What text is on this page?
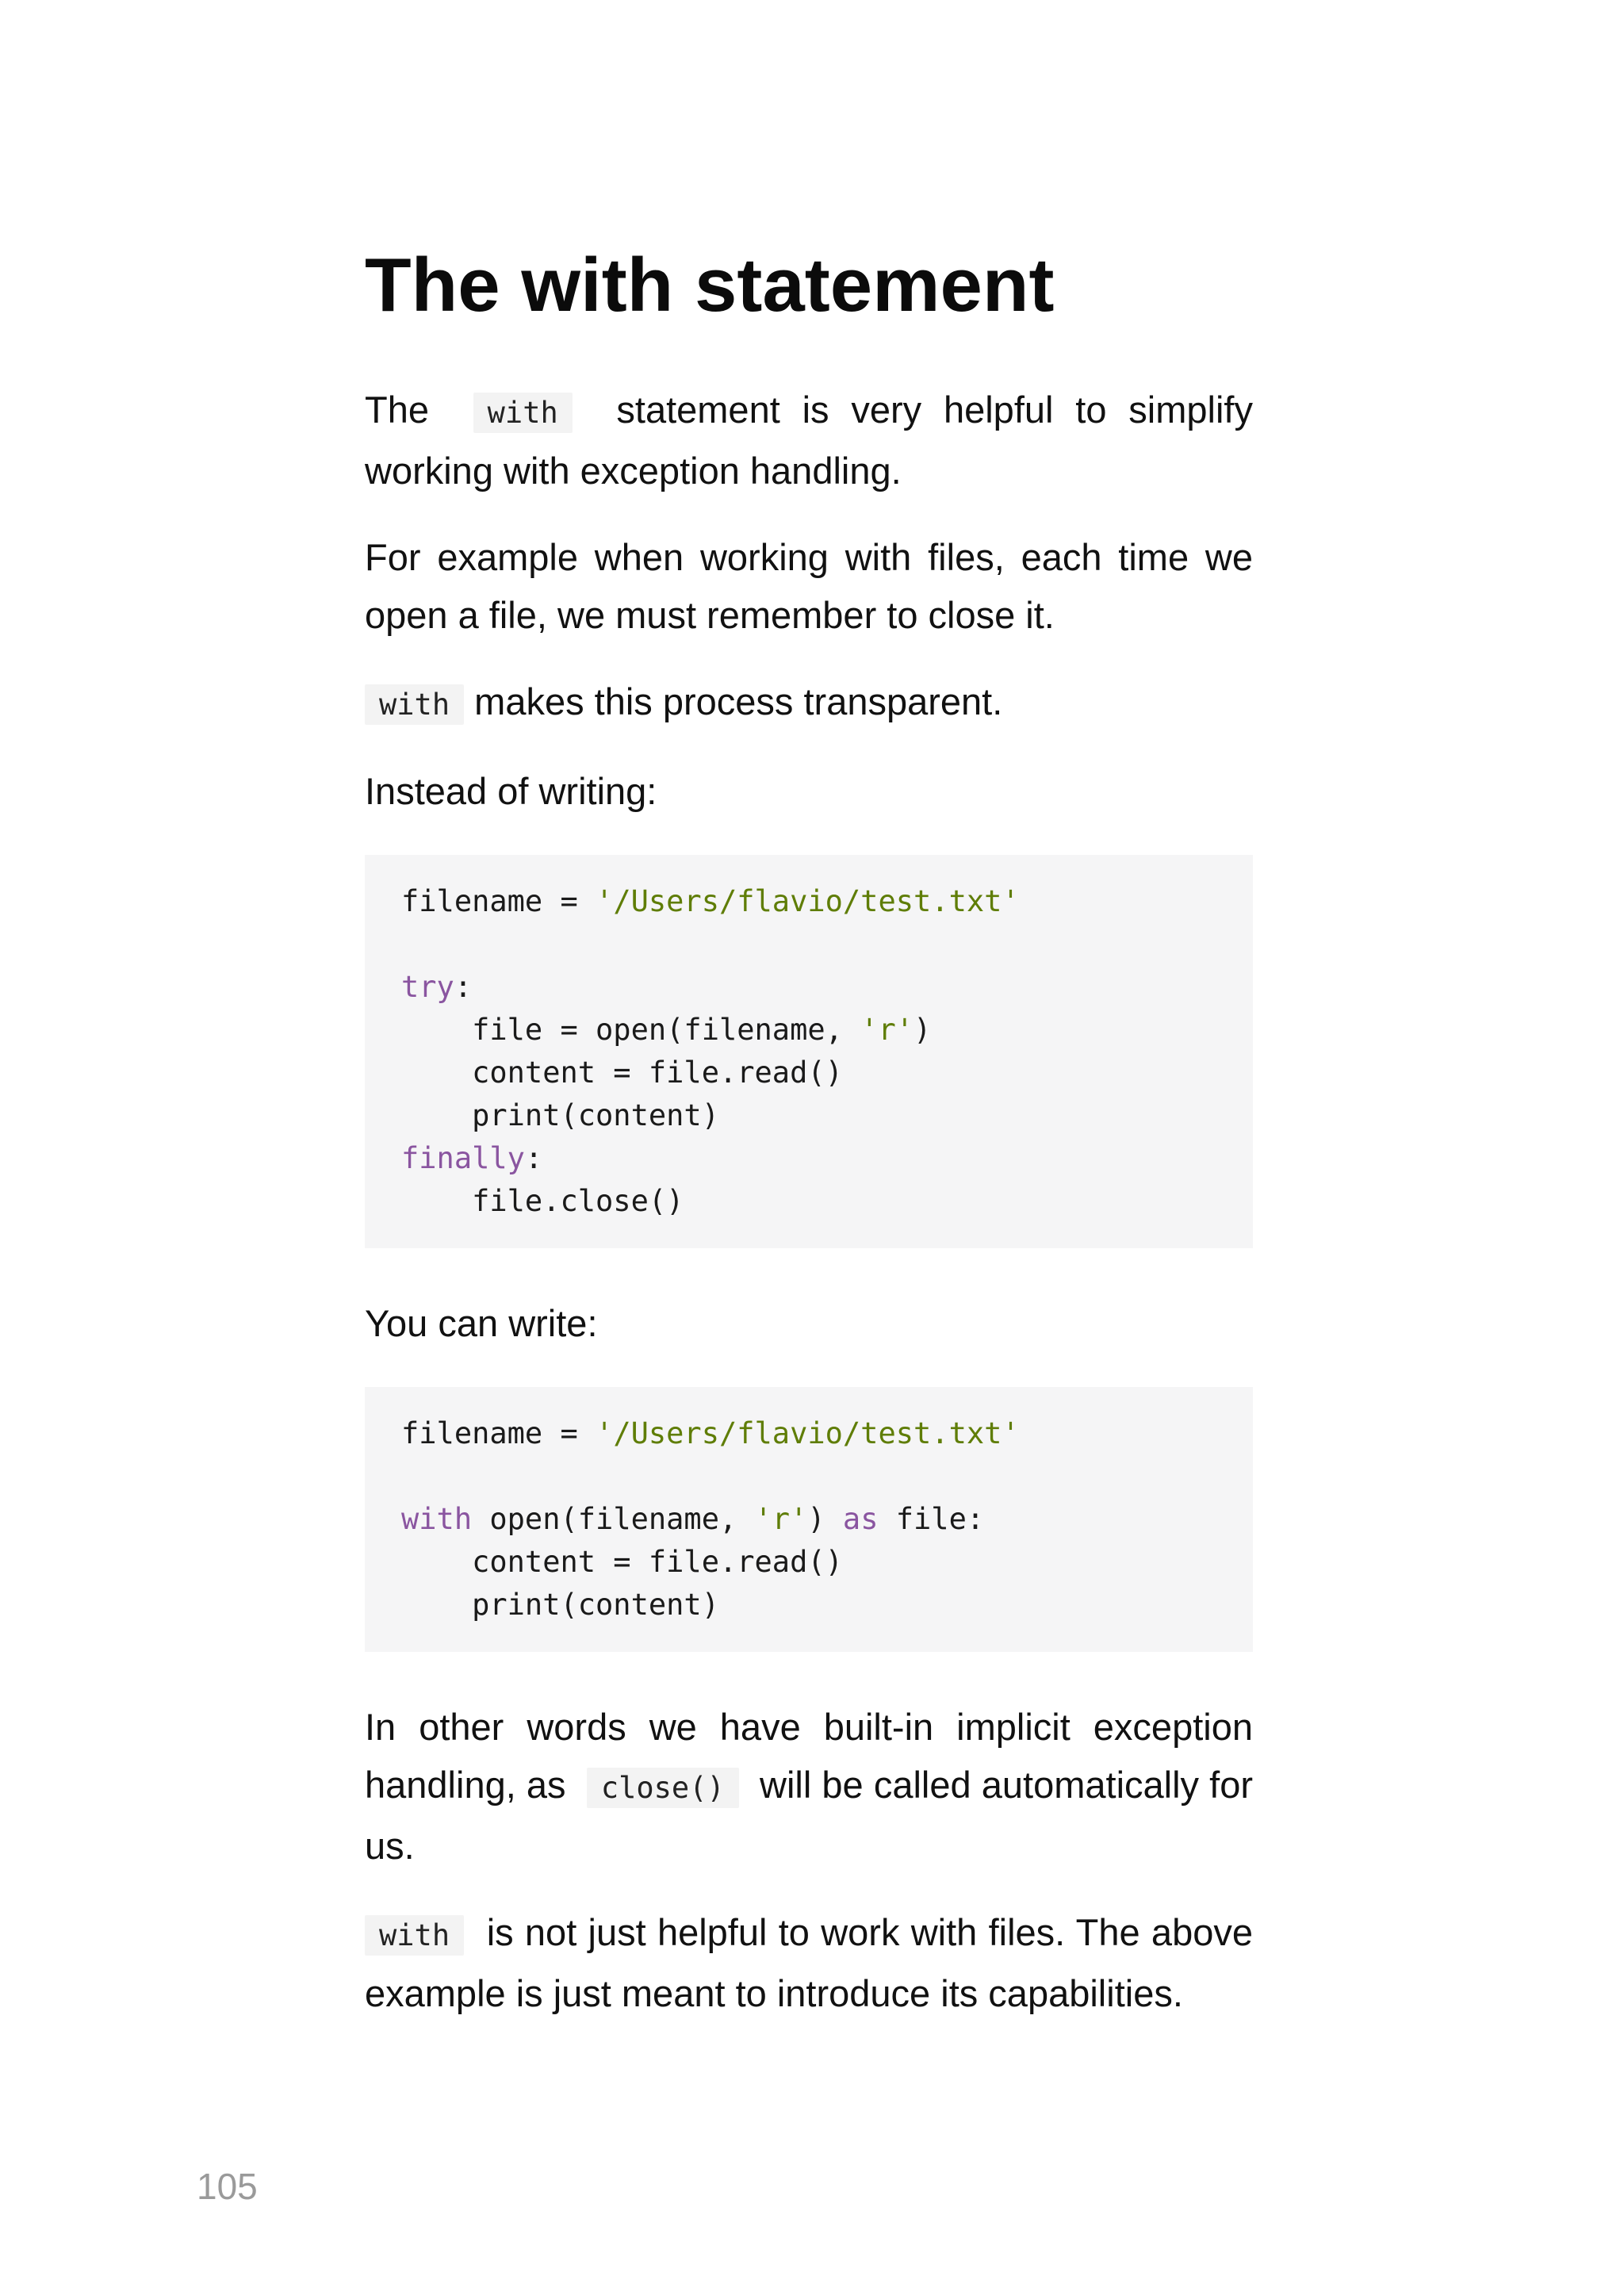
The with statement

The with statement is very helpful to simplify working with exception handling.

For example when working with files, each time we open a file, we must remember to close it.

with makes this process transparent.

Instead of writing:

filename = '/Users/flavio/test.txt'
try:
file = open(filename, 'r')
content = file.read()
print(content)
finally:
file.close()

You can write:

filename = '/Users/flavio/test.txt'
with open(filename, 'r') as file:
content = file.read()
print(content)

In other words we have built-in implicit exception handling, as close() will be called automatically for us.

with is not just helpful to work with files. The above example is just meant to introduce its capabilities.

105
